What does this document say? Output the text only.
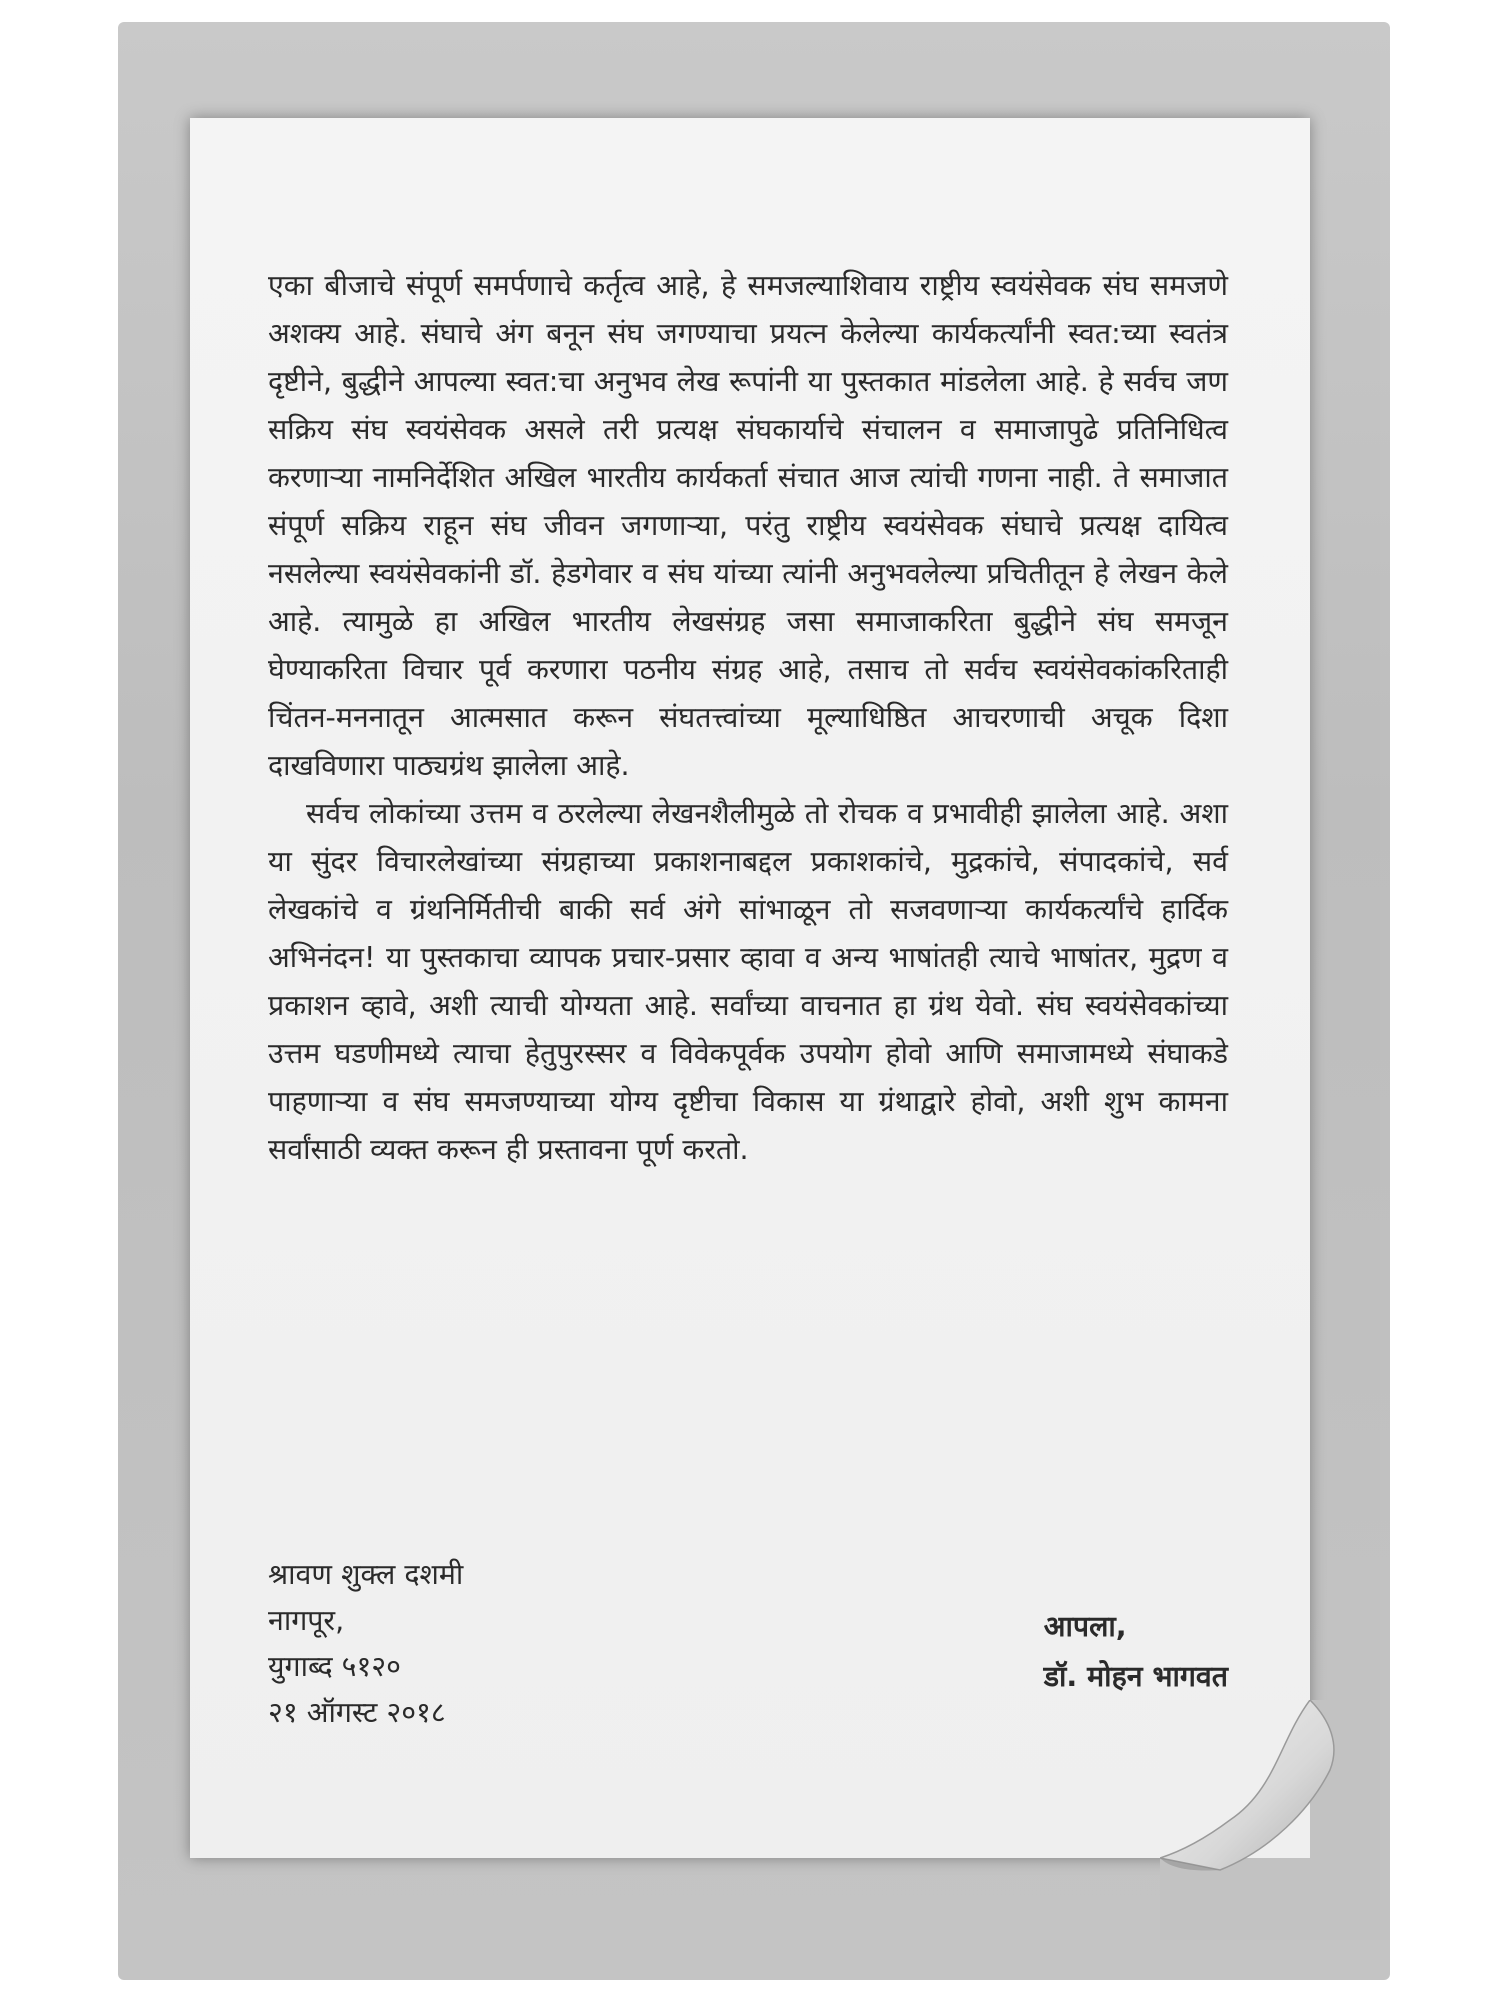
एका बीजाचे संपूर्ण समर्पणाचे कर्तृत्व आहे, हे समजल्याशिवाय राष्ट्रीय स्वयंसेवक संघ समजणे अशक्य आहे. संघाचे अंग बनून संघ जगण्याचा प्रयत्न केलेल्या कार्यकर्त्यांनी स्वत:च्या स्वतंत्र दृष्टीने, बुद्धीने आपल्या स्वत:चा अनुभव लेख रूपांनी या पुस्तकात मांडलेला आहे. हे सर्वच जण सक्रिय संघ स्वयंसेवक असले तरी प्रत्यक्ष संघकार्याचे संचालन व समाजापुढे प्रतिनिधित्व करणाऱ्या नामनिर्देशित अखिल भारतीय कार्यकर्ता संचात आज त्यांची गणना नाही. ते समाजात संपूर्ण सक्रिय राहून संघ जीवन जगणाऱ्या, परंतु राष्ट्रीय स्वयंसेवक संघाचे प्रत्यक्ष दायित्व नसलेल्या स्वयंसेवकांनी डॉ. हेडगेवार व संघ यांच्या त्यांनी अनुभवलेल्या प्रचितीतून हे लेखन केले आहे. त्यामुळे हा अखिल भारतीय लेखसंग्रह जसा समाजाकरिता बुद्धीने संघ समजून घेण्याकरिता विचार पूर्व करणारा पठनीय संग्रह आहे, तसाच तो सर्वच स्वयंसेवकांकरिताही चिंतन-मननातून आत्मसात करून संघतत्त्वांच्या मूल्याधिष्ठित आचरणाची अचूक दिशा दाखविणारा पाठ्यग्रंथ झालेला आहे.

सर्वच लोकांच्या उत्तम व ठरलेल्या लेखनशैलीमुळे तो रोचक व प्रभावीही झालेला आहे. अशा या सुंदर विचारलेखांच्या संग्रहाच्या प्रकाशनाबद्दल प्रकाशकांचे, मुद्रकांचे, संपादकांचे, सर्व लेखकांचे व ग्रंथनिर्मितीची बाकी सर्व अंगे सांभाळून तो सजवणाऱ्या कार्यकर्त्यांचे हार्दिक अभिनंदन! या पुस्तकाचा व्यापक प्रचार-प्रसार व्हावा व अन्य भाषांतही त्याचे भाषांतर, मुद्रण व प्रकाशन व्हावे, अशी त्याची योग्यता आहे. सर्वांच्या वाचनात हा ग्रंथ येवो. संघ स्वयंसेवकांच्या उत्तम घडणीमध्ये त्याचा हेतुपुरस्सर व विवेकपूर्वक उपयोग होवो आणि समाजामध्ये संघाकडे पाहणाऱ्या व संघ समजण्याच्या योग्य दृष्टीचा विकास या ग्रंथाद्वारे होवो, अशी शुभ कामना सर्वांसाठी व्यक्त करून ही प्रस्तावना पूर्ण करतो.

श्रावण शुक्ल दशमी
नागपूर,
युगाब्द ५१२०
२१ ऑगस्ट २०१८
आपला,
डॉ. मोहन भागवत
